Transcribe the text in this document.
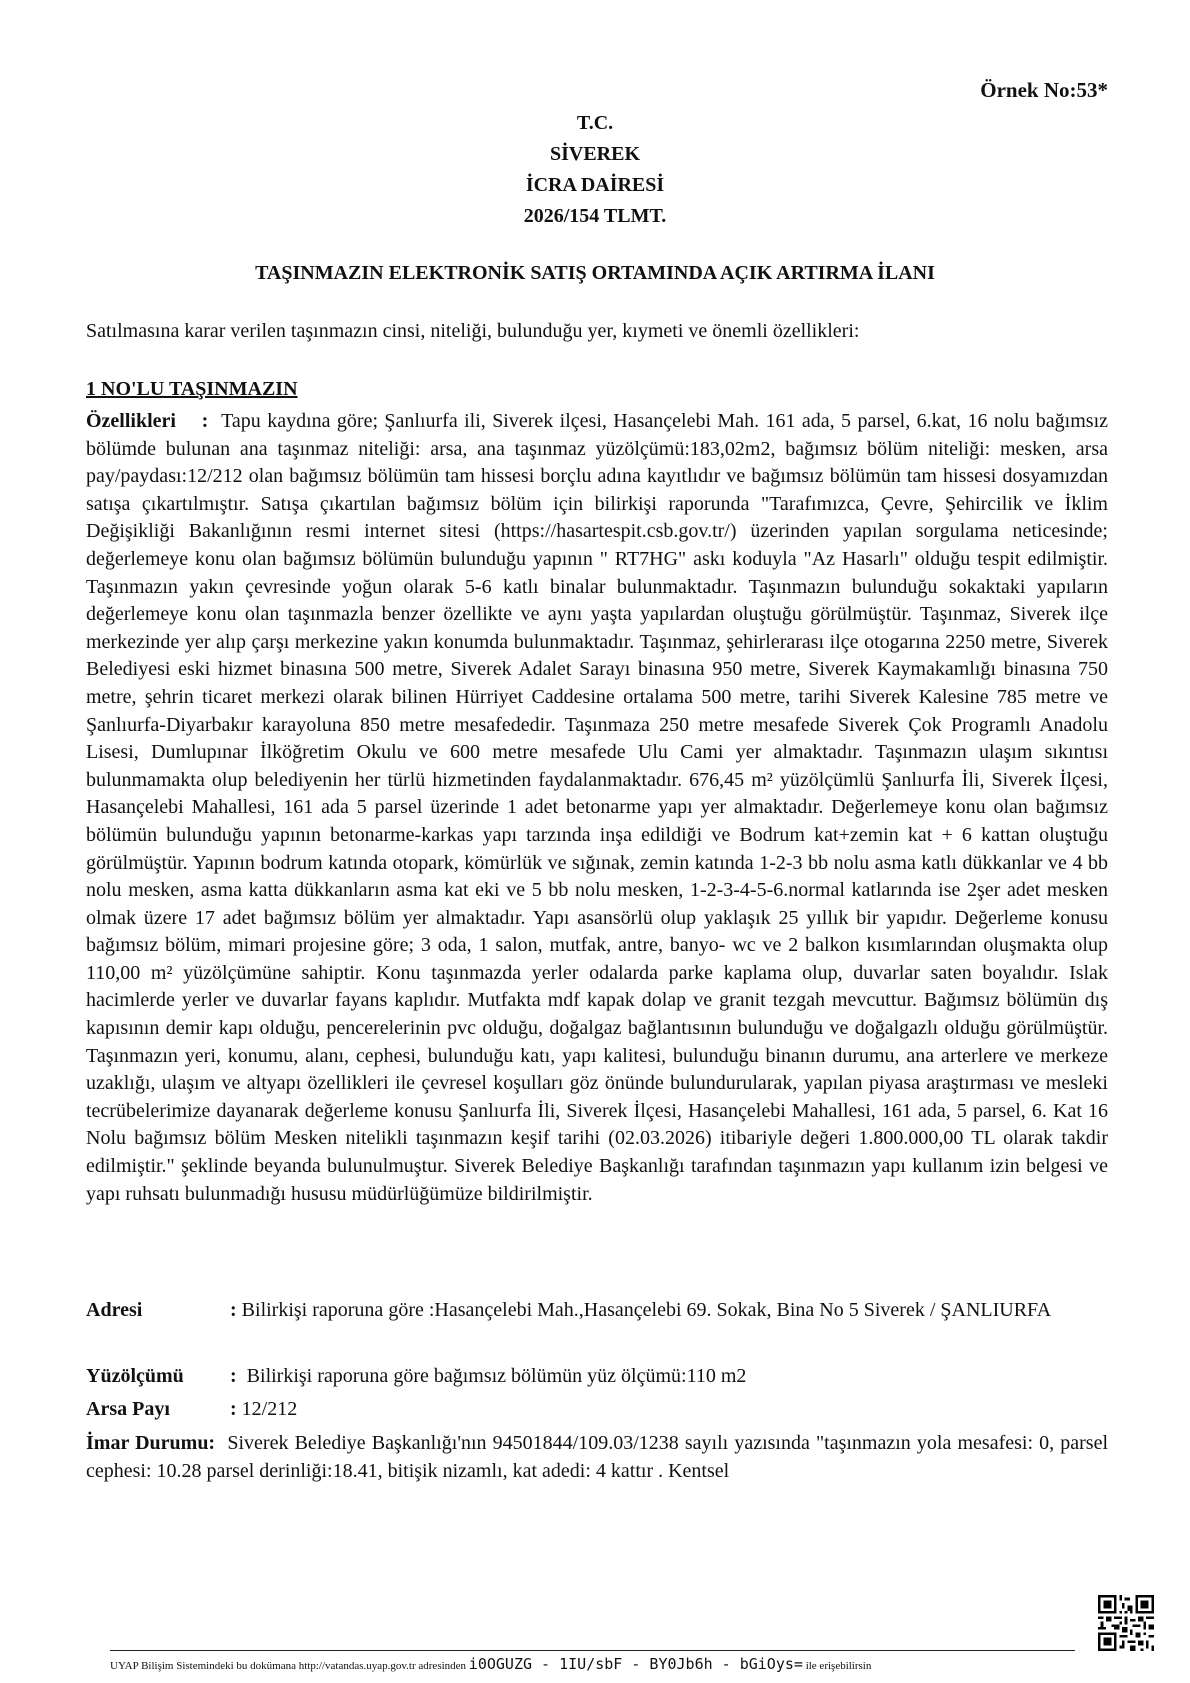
Örnek No:53*
T.C.
SİVEREK
İCRA DAİRESİ
2026/154 TLMT.
TAŞINMAZIN ELEKTRONİK SATIŞ ORTAMINDA AÇIK ARTIRMA İLANI
Satılmasına karar verilen taşınmazın cinsi, niteliği, bulunduğu yer, kıymeti ve önemli özellikleri:
1 NO'LU TAŞINMAZIN

Özellikleri : Tapu kaydına göre; Şanlıurfa ili, Siverek ilçesi, Hasançelebi Mah. 161 ada, 5 parsel, 6.kat, 16 nolu bağımsız bölümde bulunan ana taşınmaz niteliği: arsa, ana taşınmaz yüzölçümü:183,02m2, bağımsız bölüm niteliği: mesken, arsa pay/paydası:12/212 olan bağımsız bölümün tam hissesi borçlu adına kayıtlıdır ve bağımsız bölümün tam hissesi dosyamızdan satışa çıkartılmıştır. Satışa çıkartılan bağımsız bölüm için bilirkişi raporunda "Tarafımızca, Çevre, Şehircilik ve İklim Değişikliği Bakanlığının resmi internet sitesi (https://hasartespit.csb.gov.tr/) üzerinden yapılan sorgulama neticesinde; değerlemeye konu olan bağımsız bölümün bulunduğu yapının " RT7HG" askı koduyla "Az Hasarlı" olduğu tespit edilmiştir. Taşınmazın yakın çevresinde yoğun olarak 5-6 katlı binalar bulunmaktadır. Taşınmazın bulunduğu sokaktaki yapıların değerlemeye konu olan taşınmazla benzer özellikte ve aynı yaşta yapılardan oluştuğu görülmüştür. Taşınmaz, Siverek ilçe merkezinde yer alıp çarşı merkezine yakın konumda bulunmaktadır. Taşınmaz, şehirlerarası ilçe otogarına 2250 metre, Siverek Belediyesi eski hizmet binasına 500 metre, Siverek Adalet Sarayı binasına 950 metre, Siverek Kaymakamlığı binasına 750 metre, şehrin ticaret merkezi olarak bilinen Hürriyet Caddesine ortalama 500 metre, tarihi Siverek Kalesine 785 metre ve Şanlıurfa-Diyarbakır karayoluna 850 metre mesafededir. Taşınmaza 250 metre mesafede Siverek Çok Programlı Anadolu Lisesi, Dumlupınar İlköğretim Okulu ve 600 metre mesafede Ulu Cami yer almaktadır. Taşınmazın ulaşım sıkıntısı bulunmamakta olup belediyenin her türlü hizmetinden faydalanmaktadır. 676,45 m² yüzölçümlü Şanlıurfa İli, Siverek İlçesi, Hasançelebi Mahallesi, 161 ada 5 parsel üzerinde 1 adet betonarme yapı yer almaktadır. Değerlemeye konu olan bağımsız bölümün bulunduğu yapının betonarme-karkas yapı tarzında inşa edildiği ve Bodrum kat+zemin kat + 6 kattan oluştuğu görülmüştür. Yapının bodrum katında otopark, kömürlük ve sığınak, zemin katında 1-2-3 bb nolu asma katlı dükkanlar ve 4 bb nolu mesken, asma katta dükkanların asma kat eki ve 5 bb nolu mesken, 1-2-3-4-5-6.normal katlarında ise 2şer adet mesken olmak üzere 17 adet bağımsız bölüm yer almaktadır. Yapı asansörlü olup yaklaşık 25 yıllık bir yapıdır. Değerleme konusu bağımsız bölüm, mimari projesine göre; 3 oda, 1 salon, mutfak, antre, banyo- wc ve 2 balkon kısımlarından oluşmakta olup 110,00 m² yüzölçümüne sahiptir. Konu taşınmazda yerler odalarda parke kaplama olup, duvarlar saten boyalıdır. Islak hacimlerde yerler ve duvarlar fayans kaplıdır. Mutfakta mdf kapak dolap ve granit tezgah mevcuttur. Bağımsız bölümün dış kapısının demir kapı olduğu, pencerelerinin pvc olduğu, doğalgaz bağlantısının bulunduğu ve doğalgazlı olduğu görülmüştür. Taşınmazın yeri, konumu, alanı, cephesi, bulunduğu katı, yapı kalitesi, bulunduğu binanın durumu, ana arterlere ve merkeze uzaklığı, ulaşım ve altyapı özellikleri ile çevresel koşulları göz önünde bulundurularak, yapılan piyasa araştırması ve mesleki tecrübelerimize dayanarak değerleme konusu Şanlıurfa İli, Siverek İlçesi, Hasançelebi Mahallesi, 161 ada, 5 parsel, 6. Kat 16 Nolu bağımsız bölüm Mesken nitelikli taşınmazın keşif tarihi (02.03.2026) itibariyle değeri 1.800.000,00 TL olarak takdir edilmiştir." şeklinde beyanda bulunulmuştur. Siverek Belediye Başkanlığı tarafından taşınmazın yapı kullanım izin belgesi ve yapı ruhsatı bulunmadığı hususu müdürlüğümüze bildirilmiştir.

Adresi	: Bilirkişi raporuna göre :Hasançelebi Mah.,Hasançelebi 69. Sokak, Bina No 5 Siverek / ŞANLIURFA
Yüzölçümü : Bilirkişi raporuna göre bağımsız bölümün yüz ölçümü:110 m2
Arsa Payı	: 12/212
İmar Durumu: Siverek Belediye Başkanlığı'nın 94501844/109.03/1238 sayılı yazısında "taşınmazın yola mesafesi: 0, parsel cephesi: 10.28 parsel derinliği:18.41, bitişik nizamlı, kat adedi: 4 kattır . Kentsel
UYAP Bilişim Sistemindeki bu dokümana http://vatandas.uyap.gov.tr adresinden i0OGUZG - 1IU/sbF - BY0Jb6h - bGiOys= ile erişebilirsin
